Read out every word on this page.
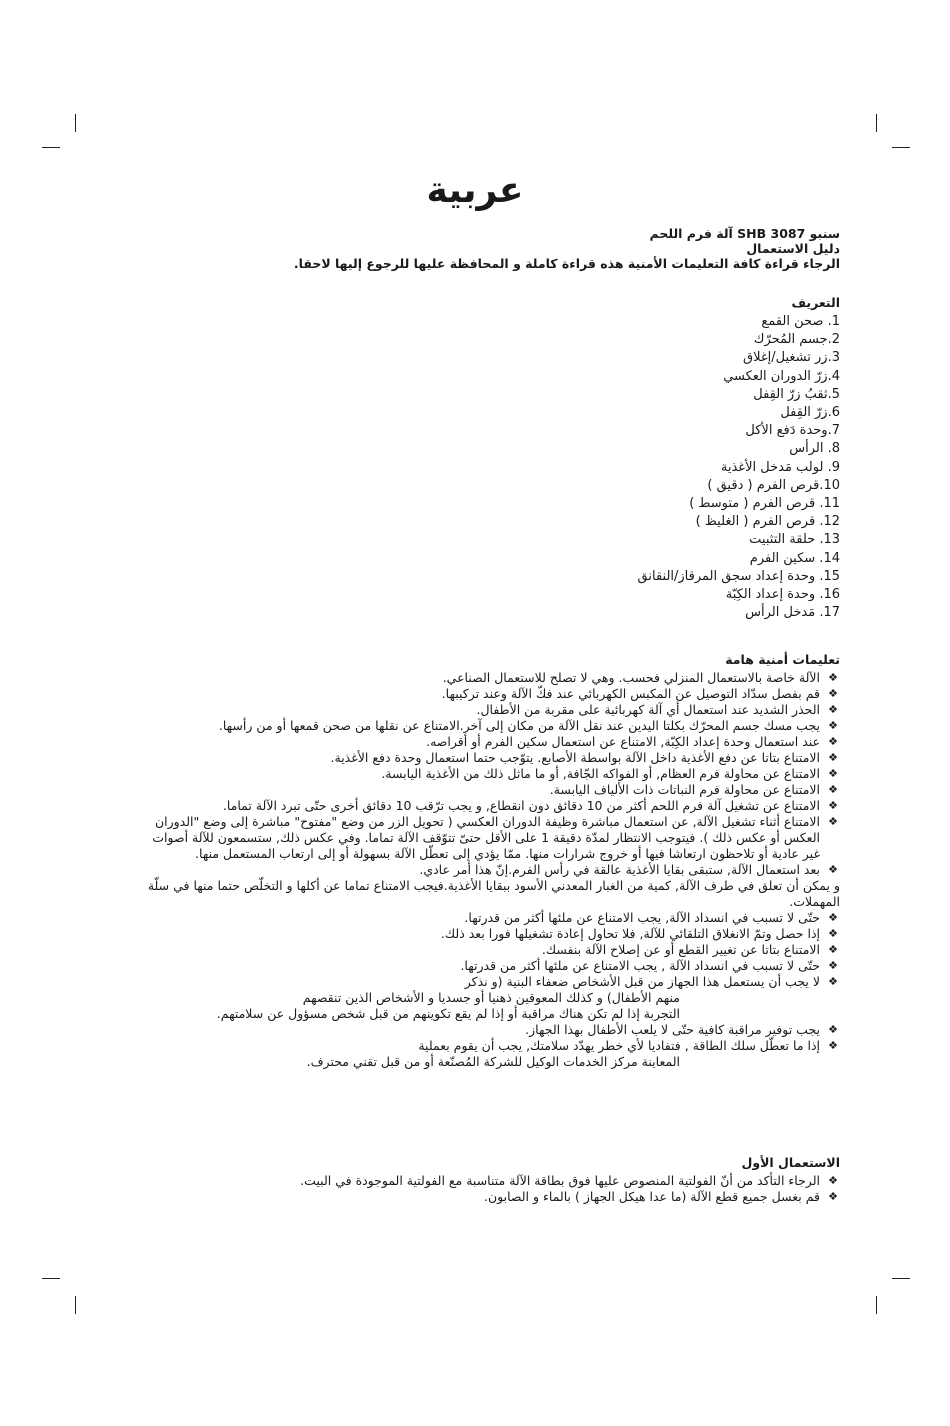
عربية
سنبو SHB 3087 آلة فرم اللحم
دليل الاستعمال
الرجاء قراءة كافة التعليمات الأمنية هذه قراءة كاملة و المحافظة عليها للرجوع إليها لاحقا.
التعريف
1. صحن القمع
2.جسم المُحرّك
3.زر تشغيل/إغلاق
4.زرّ الدوران العكسي
5.ثقبُ زرّ القِفل
6.زرّ القِفل
7.وحدة دَفع الأكل
8. الرأس
9. لولب مَدخل الأغذية
10.قرص الفرم ( دقيق )
11. قرص الفرم ( متوسط )
12. قرص الفرم ( الغليظ )
13. حلقة التثبيت
14. سكين الفرم
15. وحدة إعداد سجق المرقاز/النقانق
16. وحدة إعداد الكِبّة
17. مَدخل الرأس
تعليمات أمنية هامة
❖ الآلة خاصة بالاستعمال المنزلي فحسب. وهي لا تصلح للاستعمال الصناعي.
❖ قم بفصل سدّاد التوصيل عن المكبس الكهربائي عند فكّ الآلة وعند تركيبها.
❖ الحذر الشديد عند استعمال أي آلة كهربائية على مقربة من الأطفال.
❖ يجب مسك جسم المحرّك بكلتا اليدين عند نقل الآلة من مكان إلى آخر.الامتناع عن نقلها من صحن قمعها أو من رأسها.
❖ عند استعمال وحدة إعداد الكِبّة, الامتناع عن استعمال سكين الفرم أو أقراصه.
❖ الامتناع بتاتا عن دفع الأغذية داخل الآلة بواسطة الأصابع. يتوّجب حتما استعمال وحدة دفع الأغذية.
❖ الامتناع عن محاولة فرم العظام, أو الفواكه الجّافة, أو ما ماثل ذلك من الأغذية اليابسة.
❖ الامتناع عن محاولة فرم النباتات ذات الألياف اليابسة.
❖ الامتناع عن تشغيل آلة فرم اللحم أكثر من 10 دقائق دون انقطاع, و يجب ترّقب 10 دقائق أخرى حتّى تبرد الآلة تماما.
❖ الامتناع أثناء تشغيل الآلة, عن استعمال مباشرة وظيفة الدوران العكسي ( تحويل الزر من وضع "مفتوح" مباشرة إلى وضع "الدوران العكس أو عكس ذلك ). فيتوجب الانتظار لمدّة دقيقة 1 على الأقل حتىّ تتوّقف الآلة تماما. وفي عكس ذلك, ستسمعون للآلة أصوات غير عادية أو تلاحظون ارتعاشا فيها أو خروج شرارات منها. ممّا يؤدي إلى تعطّل الآلة بسهولة أو إلى ارتعاب المستعمل منها.
❖ بعد استعمال الآلة, ستبقى بقايا الأغذية عالقة في رأس الفرم.إنّ هذا أمر عادي.
و يمكن أن تعلق في طرف الآلة, كمية من الغبار المعدني الأسود ببقايا الأغذية.فيجب الامتناع تماما عن أكلها و التخلّص حتما منها في سلّة المهملات.
❖ حتّى لا تسبب في انسداد الآلة, يجب الامتناع عن ملئها أكثر من قدرتها.
❖ إذا حصل وتمّ الانغلاق التلقائي للآلة, فلا تحاول إعادة تشغيلها فورا بعد ذلك.
❖ الامتناع بتاتا عن تغيير القطع أو عن إصلاح الآلة بنفسك.
❖ حتّى لا تسبب في انسداد الآلة , يجب الامتناع عن ملئها أكثر من قدرتها.
❖ لا يجب أن يستعمل هذا الجهاز من قبل الأشخاص ضعفاء البنية (و نذكر
منهم الأطفال) و كذلك المعوقين ذهنيا أو جسديا و الأشخاص الذين تنقصهم
التجربة إذا لم تكن هناك مراقبة أو إذا لم يقع تكوينهم من قبل شخص مسؤول عن سلامتهم.
❖ يجب توفير مراقبة كافية حتّى لا يلعب الأطفال بهذا الجهاز.
❖ إذا ما تعطّل سلك الطاقة , فتفاديا لأي خطر يهدّد سلامتك, يجب أن يقوم بعملية
المعاينة مركز الخدمات الوكيل للشركة المُصنّعة أو من قبل تقني محترف.
الاستعمال الأول
❖ الرجاء التأكد من أنّ الفولتية المنصوص عليها فوق بطاقة الآلة متناسبة مع الفولتية الموجودة في البيت.
❖ قم بغسل جميع قطع الآلة (ما عدا هيكل الجهاز ) بالماء و الصابون.
